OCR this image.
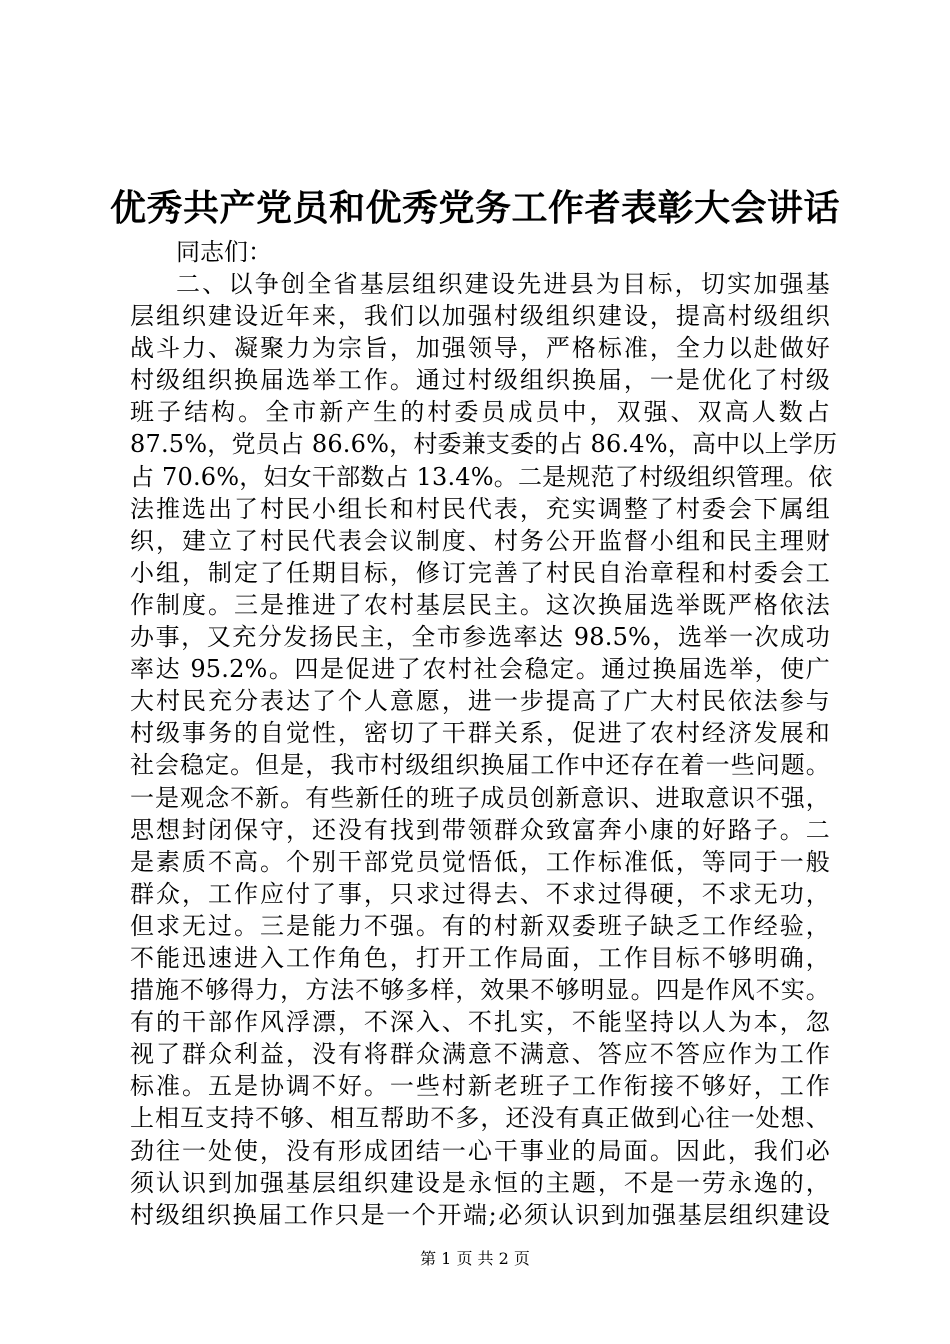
优秀共产党员和优秀党务工作者表彰大会讲话
同志们：
二、以争创全省基层组织建设先进县为目标，切实加强基
层组织建设近年来，我们以加强村级组织建设，提高村级组织
战斗力、凝聚力为宗旨，加强领导，严格标准，全力以赴做好
村级组织换届选举工作。通过村级组织换届，一是优化了村级
班子结构。全市新产生的村委员成员中，双强、双高人数占
87.5%，党员占 86.6%，村委兼支委的占 86.4%，高中以上学历
占 70.6%，妇女干部数占 13.4%。二是规范了村级组织管理。依
法推选出了村民小组长和村民代表，充实调整了村委会下属组
织，建立了村民代表会议制度、村务公开监督小组和民主理财
小组，制定了任期目标，修订完善了村民自治章程和村委会工
作制度。三是推进了农村基层民主。这次换届选举既严格依法
办事，又充分发扬民主，全市参选率达 98.5%，选举一次成功
率达 95.2%。四是促进了农村社会稳定。通过换届选举，使广
大村民充分表达了个人意愿，进一步提高了广大村民依法参与
村级事务的自觉性，密切了干群关系，促进了农村经济发展和
社会稳定。但是，我市村级组织换届工作中还存在着一些问题。
一是观念不新。有些新任的班子成员创新意识、进取意识不强，
思想封闭保守，还没有找到带领群众致富奔小康的好路子。二
是素质不高。个别干部党员觉悟低，工作标准低，等同于一般
群众，工作应付了事，只求过得去、不求过得硬，不求无功，
但求无过。三是能力不强。有的村新双委班子缺乏工作经验，
不能迅速进入工作角色，打开工作局面，工作目标不够明确，
措施不够得力，方法不够多样，效果不够明显。四是作风不实。
有的干部作风浮漂，不深入、不扎实，不能坚持以人为本，忽
视了群众利益，没有将群众满意不满意、答应不答应作为工作
标准。五是协调不好。一些村新老班子工作衔接不够好，工作
上相互支持不够、相互帮助不多，还没有真正做到心往一处想、
劲往一处使，没有形成团结一心干事业的局面。因此，我们必
须认识到加强基层组织建设是永恒的主题，不是一劳永逸的，
村级组织换届工作只是一个开端;必须认识到加强基层组织建设
第 1 页 共 2 页
